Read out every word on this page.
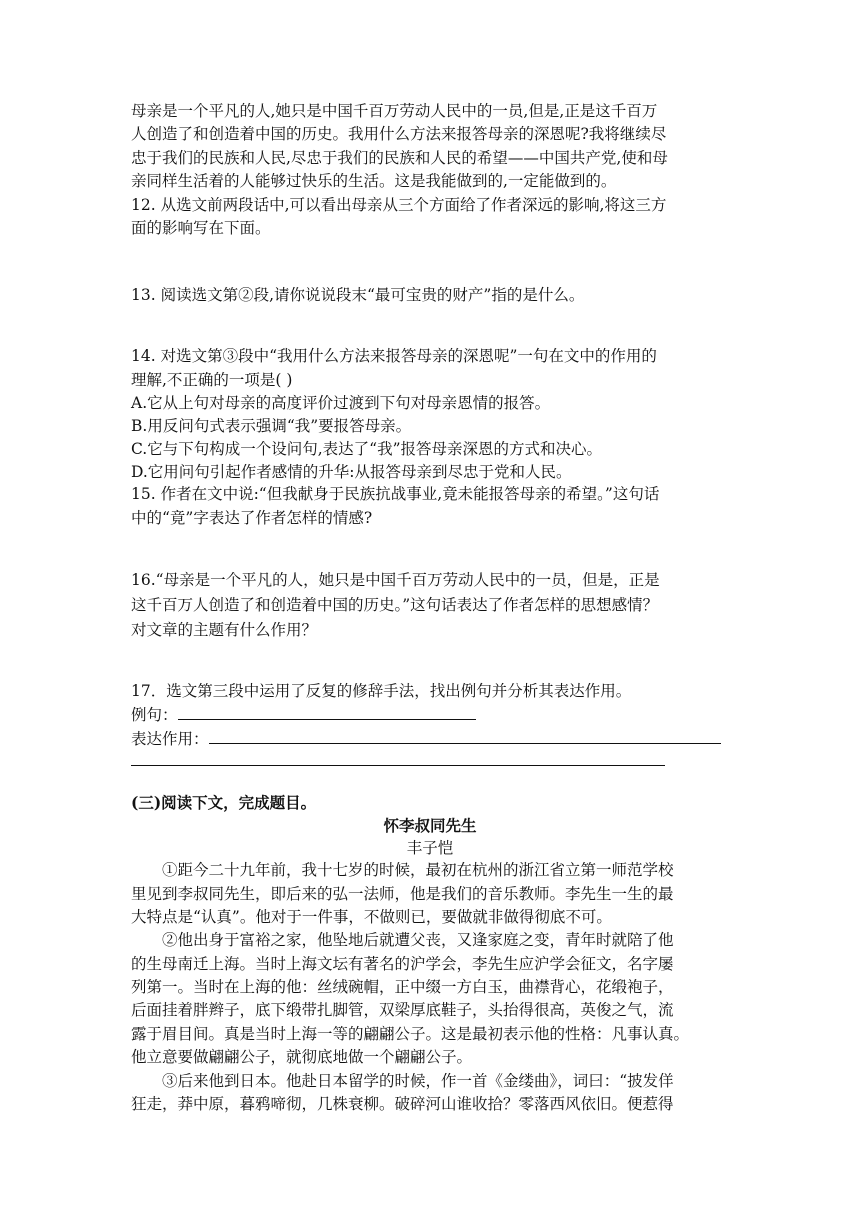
母亲是一个平凡的人,她只是中国千百万劳动人民中的一员,但是,正是这千百万
人创造了和创造着中国的历史。我用什么方法来报答母亲的深恩呢?我将继续尽
忠于我们的民族和人民,尽忠于我们的民族和人民的希望——中国共产党,使和母
亲同样生活着的人能够过快乐的生活。这是我能做到的,一定能做到的。
12. 从选文前两段话中,可以看出母亲从三个方面给了作者深远的影响,将这三方
面的影响写在下面。
13. 阅读选文第②段,请你说说段末“最可宝贵的财产”指的是什么。
14. 对选文第③段中“我用什么方法来报答母亲的深恩呢”一句在文中的作用的
理解,不正确的一项是( )
A.它从上句对母亲的高度评价过渡到下句对母亲恩情的报答。
B.用反问句式表示强调“我”要报答母亲。
C.它与下句构成一个设问句,表达了“我”报答母亲深恩的方式和决心。
D.它用问句引起作者感情的升华:从报答母亲到尽忠于党和人民。
15. 作者在文中说:“但我献身于民族抗战事业,竟未能报答母亲的希望。”这句话
中的“竟”字表达了作者怎样的情感?
16.“母亲是一个平凡的人，她只是中国千百万劳动人民中的一员，但是，正是
这千百万人创造了和创造着中国的历史。”这句话表达了作者怎样的思想感情？
对文章的主题有什么作用？
17．选文第三段中运用了反复的修辞手法，找出例句并分析其表达作用。
例句：
表达作用：
(三)阅读下文，完成题目。
怀李叔同先生
丰子恺
①距今二十九年前，我十七岁的时候，最初在杭州的浙江省立第一师范学校
里见到李叔同先生，即后来的弘一法师，他是我们的音乐教师。李先生一生的最
大特点是“认真”。他对于一件事，不做则已，要做就非做得彻底不可。
②他出身于富裕之家，他坠地后就遭父丧，又逢家庭之变，青年时就陪了他
的生母南迁上海。当时上海文坛有著名的沪学会，李先生应沪学会征文，名字屡
列第一。当时在上海的他：丝绒碗帽，正中缀一方白玉，曲襟背心，花缎袍子，
后面挂着胖辫子，底下缎带扎脚管，双梁厚底鞋子，头抬得很高，英俊之气，流
露于眉目间。真是当时上海一等的翩翩公子。这是最初表示他的性格：凡事认真。
他立意要做翩翩公子，就彻底地做一个翩翩公子。
③后来他到日本。他赴日本留学的时候，作一首《金缕曲》，词曰：“披发佯
狂走，莽中原，暮鸦啼彻，几株衰柳。破碎河山谁收拾？零落西风依旧。便惹得
